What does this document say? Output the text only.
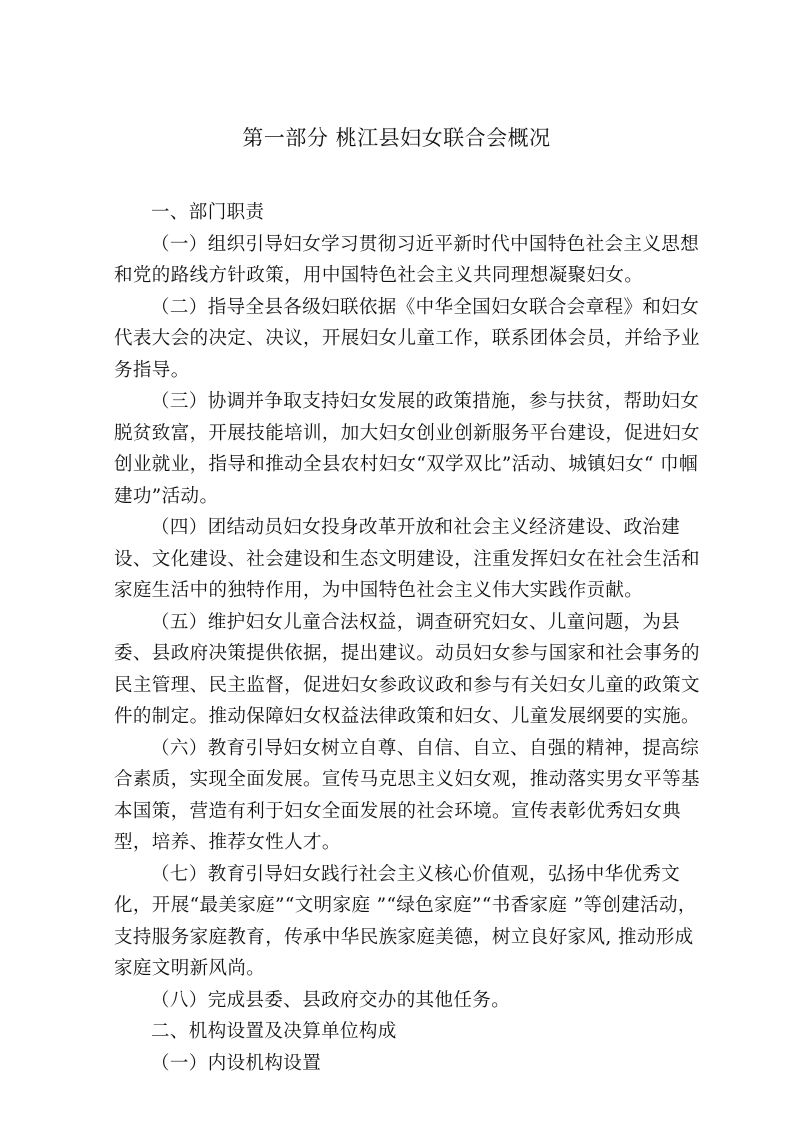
第一部分 桃江县妇女联合会概况

一、部门职责

（一）组织引导妇女学习贯彻习近平新时代中国特色社会主义思想和党的路线方针政策，用中国特色社会主义共同理想凝聚妇女。

（二）指导全县各级妇联依据《中华全国妇女联合会章程》和妇女代表大会的决定、决议，开展妇女儿童工作，联系团体会员，并给予业务指导。

（三）协调并争取支持妇女发展的政策措施，参与扶贫，帮助妇女脱贫致富，开展技能培训，加大妇女创业创新服务平台建设，促进妇女创业就业，指导和推动全县农村妇女“双学双比”活动、城镇妇女“ 巾帼建功”活动。

（四）团结动员妇女投身改革开放和社会主义经济建设、政治建设、文化建设、社会建设和生态文明建设，注重发挥妇女在社会生活和家庭生活中的独特作用，为中国特色社会主义伟大实践作贡献。

（五）维护妇女儿童合法权益，调查研究妇女、儿童问题，为县委、县政府决策提供依据，提出建议。动员妇女参与国家和社会事务的民主管理、民主监督，促进妇女参政议政和参与有关妇女儿童的政策文件的制定。推动保障妇女权益法律政策和妇女、儿童发展纲要的实施。

（六）教育引导妇女树立自尊、自信、自立、自强的精神，提高综合素质，实现全面发展。宣传马克思主义妇女观，推动落实男女平等基本国策，营造有利于妇女全面发展的社会环境。宣传表彰优秀妇女典型，培养、推荐女性人才。

（七）教育引导妇女践行社会主义核心价值观，弘扬中华优秀文化，开展“最美家庭”“文明家庭 ”“绿色家庭”“书香家庭 ”等创建活动，支持服务家庭教育，传承中华民族家庭美德，树立良好家风, 推动形成家庭文明新风尚。

（八）完成县委、县政府交办的其他任务。

二、机构设置及决算单位构成

（一）内设机构设置
